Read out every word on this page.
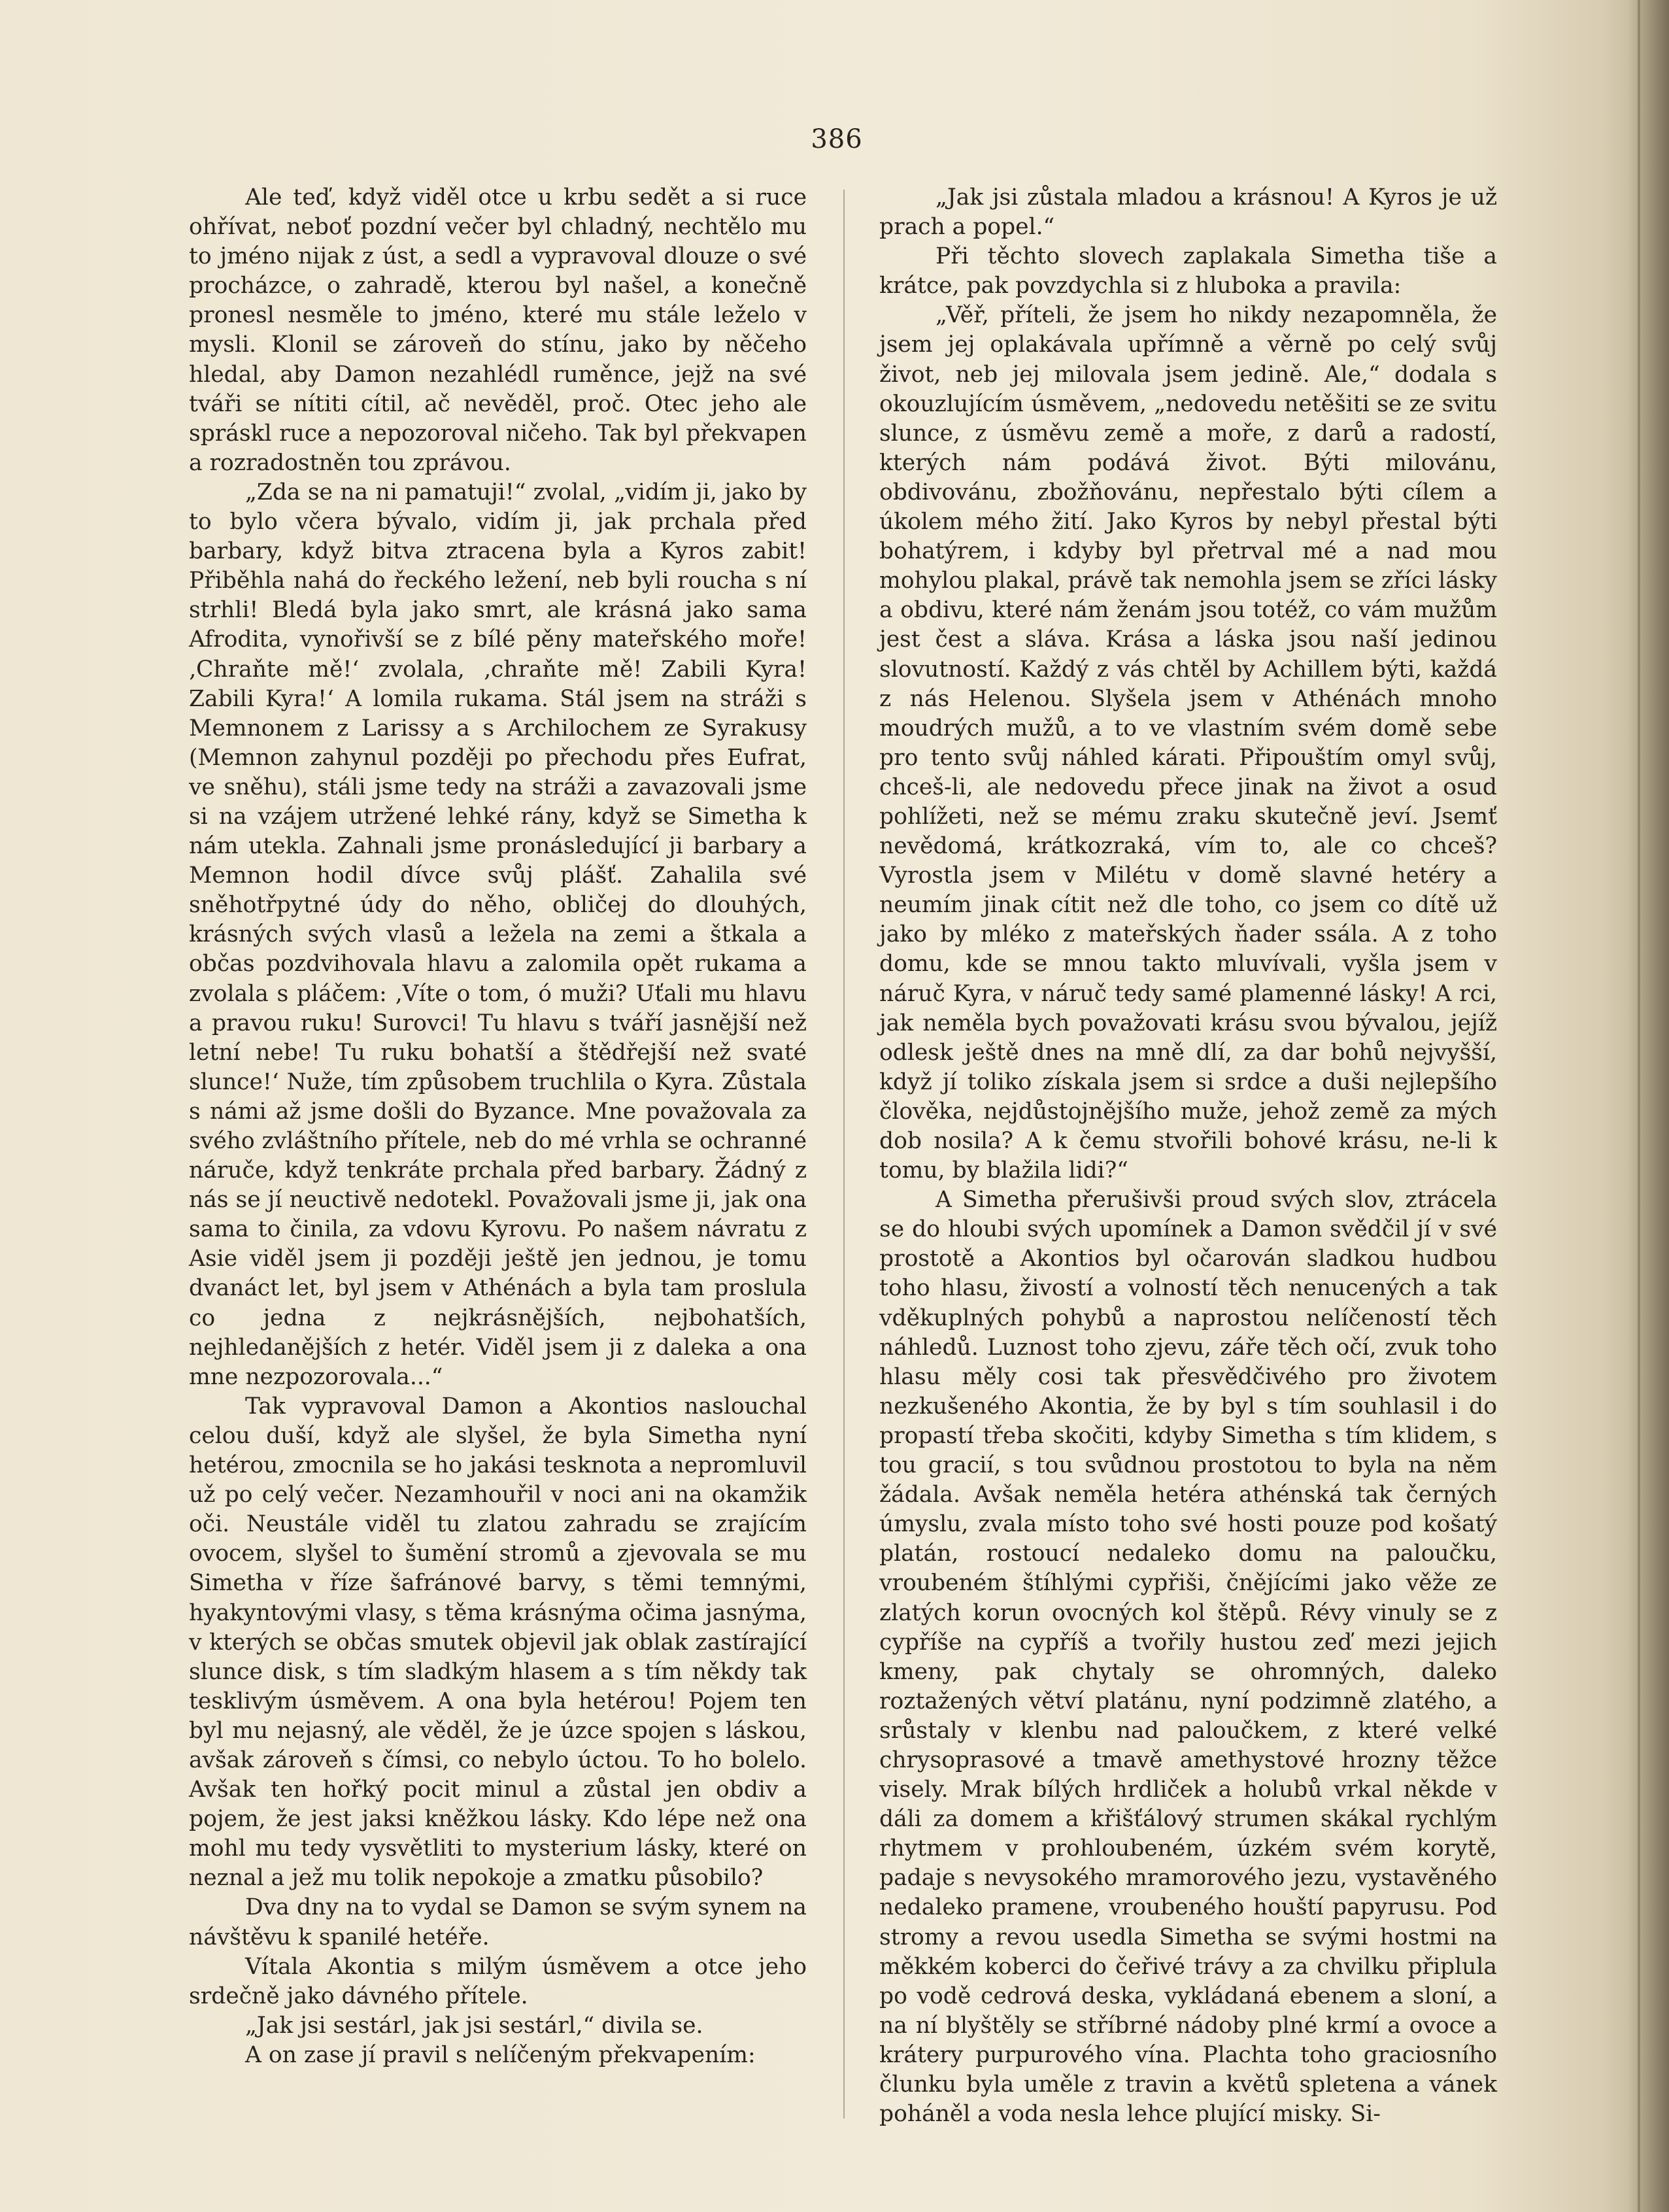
386

Ale teď, když viděl otce u krbu sedět a si ruce ohřívat, neboť pozdní večer byl chladný, nechtělo mu to jméno nijak z úst, a sedl a vypravoval dlouze o své procházce, o zahradě, kterou byl našel, a konečně pronesl nesměle to jméno, které mu stále leželo v mysli. Klonil se zároveň do stínu, jako by něčeho hledal, aby Damon nezahlédl ruměnce, jejž na své tváři se nítiti cítil, ač nevěděl, proč. Otec jeho ale spráskl ruce a nepozoroval ničeho. Tak byl překvapen a rozradostněn tou zprávou.

„Zda se na ni pamatuji!“ zvolal, „vidím ji, jako by to bylo včera bývalo, vidím ji, jak prchala před barbary, když bitva ztracena byla a Kyros zabit! Přiběhla nahá do řeckého ležení, neb byli roucha s ní strhli! Bledá byla jako smrt, ale krásná jako sama Afrodita, vynořivší se z bílé pěny mateřského moře! ‚Chraňte mě!‘ zvolala, ‚chraňte mě! Zabili Kyra! Zabili Kyra!‘ A lomila rukama. Stál jsem na stráži s Memnonem z Larissy a s Archilochem ze Syrakusy (Memnon zahynul později po přechodu přes Eufrat, ve sněhu), stáli jsme tedy na stráži a zavazovali jsme si na vzájem utržené lehké rány, když se Simetha k nám utekla. Zahnali jsme pronásledující ji barbary a Memnon hodil dívce svůj plášť. Zahalila své sněhotřpytné údy do něho, obličej do dlouhých, krásných svých vlasů a ležela na zemi a štkala a občas pozdvihovala hlavu a zalomila opět rukama a zvolala s pláčem: ‚Víte o tom, ó muži? Uťali mu hlavu a pravou ruku! Surovci! Tu hlavu s tváří jasnější než letní nebe! Tu ruku bohatší a štědřejší než svaté slunce!‘ Nuže, tím způsobem truchlila o Kyra. Zůstala s námi až jsme došli do Byzance. Mne považovala za svého zvláštního přítele, neb do mé vrhla se ochranné náruče, když tenkráte prchala před barbary. Žádný z nás se jí neuctivě nedotekl. Považovali jsme ji, jak ona sama to činila, za vdovu Kyrovu. Po našem návratu z Asie viděl jsem ji později ještě jen jednou, je tomu dvanáct let, byl jsem v Athénách a byla tam proslula co jedna z nejkrásnějších, nejbohatších, nejhledanějších z hetér. Viděl jsem ji z daleka a ona mne nezpozorovala...“

Tak vypravoval Damon a Akontios naslouchal celou duší, když ale slyšel, že byla Simetha nyní hetérou, zmocnila se ho jakási tesknota a nepromluvil už po celý večer. Nezamhouřil v noci ani na okamžik oči. Neustále viděl tu zlatou zahradu se zrajícím ovocem, slyšel to šumění stromů a zjevovala se mu Simetha v říze šafránové barvy, s těmi temnými, hyakyntovými vlasy, s těma krásnýma očima jasnýma, v kterých se občas smutek objevil jak oblak zastírající slunce disk, s tím sladkým hlasem a s tím někdy tak tesklivým úsměvem. A ona byla hetérou! Pojem ten byl mu nejasný, ale věděl, že je úzce spojen s láskou, avšak zároveň s čímsi, co nebylo úctou. To ho bolelo. Avšak ten hořký pocit minul a zůstal jen obdiv a pojem, že jest jaksi kněžkou lásky. Kdo lépe než ona mohl mu tedy vysvětliti to mysterium lásky, které on neznal a jež mu tolik nepokoje a zmatku působilo?

Dva dny na to vydal se Damon se svým synem na návštěvu k spanilé hetéře.

Vítala Akontia s milým úsměvem a otce jeho srdečně jako dávného přítele.

„Jak jsi sestárl, jak jsi sestárl,“ divila se.

A on zase jí pravil s nelíčeným překvapením:

„Jak jsi zůstala mladou a krásnou! A Kyros je už prach a popel.“

Při těchto slovech zaplakala Simetha tiše a krátce, pak povzdychla si z hluboka a pravila:

„Věř, příteli, že jsem ho nikdy nezapomněla, že jsem jej oplakávala upřímně a věrně po celý svůj život, neb jej milovala jsem jedině. Ale,“ dodala s okouzlujícím úsměvem, „nedovedu netěšiti se ze svitu slunce, z úsměvu země a moře, z darů a radostí, kterých nám podává život. Býti milovánu, obdivovánu, zbožňovánu, nepřestalo býti cílem a úkolem mého žití. Jako Kyros by nebyl přestal býti bohatýrem, i kdyby byl přetrval mé a nad mou mohylou plakal, právě tak nemohla jsem se zříci lásky a obdivu, které nám ženám jsou totéž, co vám mužům jest čest a sláva. Krása a láska jsou naší jedinou slovutností. Každý z vás chtěl by Achillem býti, každá z nás Helenou. Slyšela jsem v Athénách mnoho moudrých mužů, a to ve vlastním svém domě sebe pro tento svůj náhled kárati. Připouštím omyl svůj, chceš-li, ale nedovedu přece jinak na život a osud pohlížeti, než se mému zraku skutečně jeví. Jsemť nevědomá, krátkozraká, vím to, ale co chceš? Vyrostla jsem v Milétu v domě slavné hetéry a neumím jinak cítit než dle toho, co jsem co dítě už jako by mléko z mateřských ňader ssála. A z toho domu, kde se mnou takto mluvívali, vyšla jsem v náruč Kyra, v náruč tedy samé plamenné lásky! A rci, jak neměla bych považovati krásu svou bývalou, jejíž odlesk ještě dnes na mně dlí, za dar bohů nejvyšší, když jí toliko získala jsem si srdce a duši nejlepšího člověka, nejdůstojnějšího muže, jehož země za mých dob nosila? A k čemu stvořili bohové krásu, ne-li k tomu, by blažila lidi?“

A Simetha přerušivši proud svých slov, ztrácela se do hloubi svých upomínek a Damon svědčil jí v své prostotě a Akontios byl očarován sladkou hudbou toho hlasu, živostí a volností těch nenucených a tak vděkuplných pohybů a naprostou nelíčeností těch náhledů. Luznost toho zjevu, záře těch očí, zvuk toho hlasu měly cosi tak přesvědčivého pro životem nezkušeného Akontia, že by byl s tím souhlasil i do propastí třeba skočiti, kdyby Simetha s tím klidem, s tou gracií, s tou svůdnou prostotou to byla na něm žádala. Avšak neměla hetéra athénská tak černých úmyslu, zvala místo toho své hosti pouze pod košatý platán, rostoucí nedaleko domu na paloučku, vroubeném štíhlými cypřiši, čnějícími jako věže ze zlatých korun ovocných kol štěpů. Révy vinuly se z cypříše na cypříš a tvořily hustou zeď mezi jejich kmeny, pak chytaly se ohromných, daleko roztažených větví platánu, nyní podzimně zlatého, a srůstaly v klenbu nad paloučkem, z které velké chrysoprasové a tmavě amethystové hrozny těžce visely. Mrak bílých hrdliček a holubů vrkal někde v dáli za domem a křišťálový strumen skákal rychlým rhytmem v prohloubeném, úzkém svém korytě, padaje s nevysokého mramorového jezu, vystavěného nedaleko pramene, vroubeného houští papyrusu. Pod stromy a revou usedla Simetha se svými hostmi na měkkém koberci do čeřivé trávy a za chvilku připlula po vodě cedrová deska, vykládaná ebenem a sloní, a na ní blyštěly se stříbrné nádoby plné krmí a ovoce a krátery purpurového vína. Plachta toho graciosního člunku byla uměle z travin a květů spletena a vánek poháněl a voda nesla lehce plující misky. Si-
